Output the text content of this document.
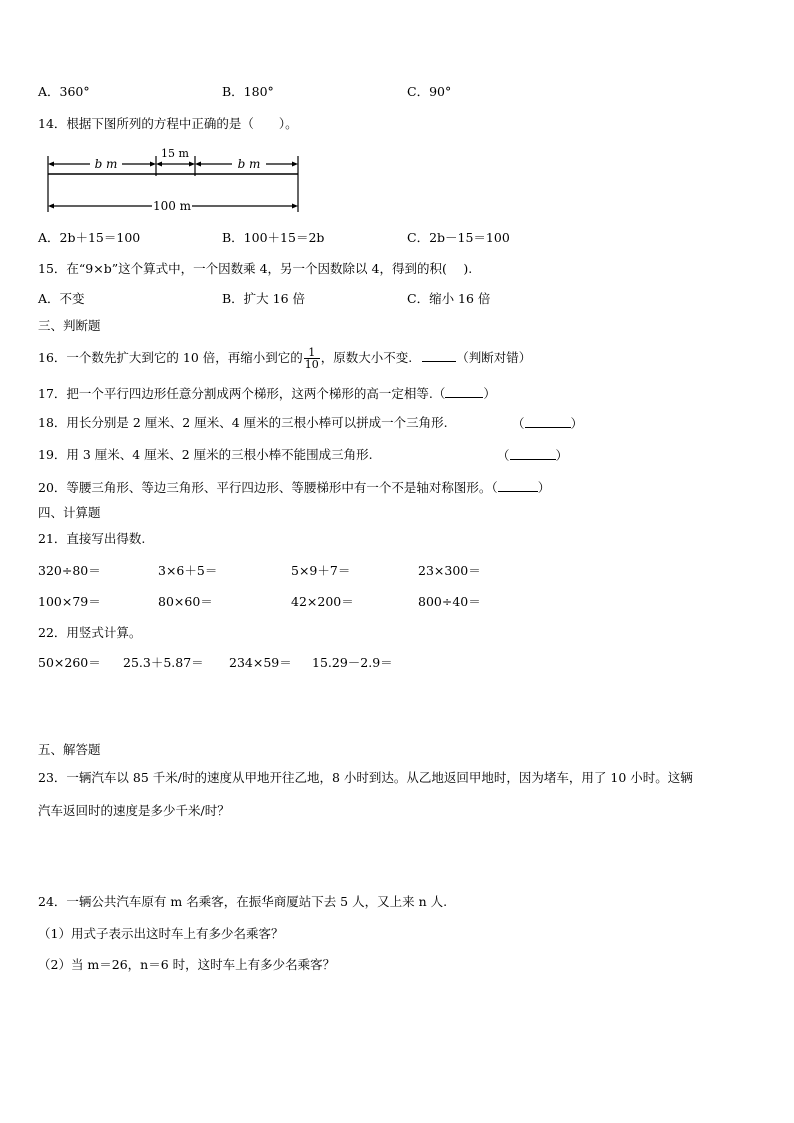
A．360°	B．180°	C．90°
14．根据下图所列的方程中正确的是（　　）。
b m
15 m
b m
100 m
A．2b＋15＝100	B．100＋15＝2b	C．2b－15＝100
15．在“9×b”这个算式中，一个因数乘 4，另一个因数除以 4，得到的积(　 ).
A．不变	B．扩大 16 倍	C．缩小 16 倍
三、判断题
16．一个数先扩大到它的 10 倍，再缩小到它的 $\frac{1}{10}$ ，原数大小不变.	（判断对错）
17．把一个平行四边形任意分割成两个梯形，这两个梯形的高一定相等.（	）
18．用长分别是 2 厘米、2 厘米、4 厘米的三根小棒可以拼成一个三角形.	（	）
19．用 3 厘米、4 厘米、2 厘米的三根小棒不能围成三角形.	（	）
20．等腰三角形、等边三角形、平行四边形、等腰梯形中有一个不是轴对称图形。（	）
四、计算题
21．直接写出得数.
320÷80＝	3×6＋5＝	5×9＋7＝	23×300＝
100×79＝	80×60＝	42×200＝	800÷40＝
22．用竖式计算。
50×260＝ 25.3＋5.87＝ 234×59＝ 15.29－2.9＝
五、解答题
23．一辆汽车以 85 千米/时的速度从甲地开往乙地，8 小时到达。从乙地返回甲地时，因为堵车，用了 10 小时。这辆
汽车返回时的速度是多少千米/时？
24．一辆公共汽车原有 m 名乘客，在振华商厦站下去 5 人，又上来 n 人.
（1）用式子表示出这时车上有多少名乘客？
（2）当 m＝26，n＝6 时，这时车上有多少名乘客？
